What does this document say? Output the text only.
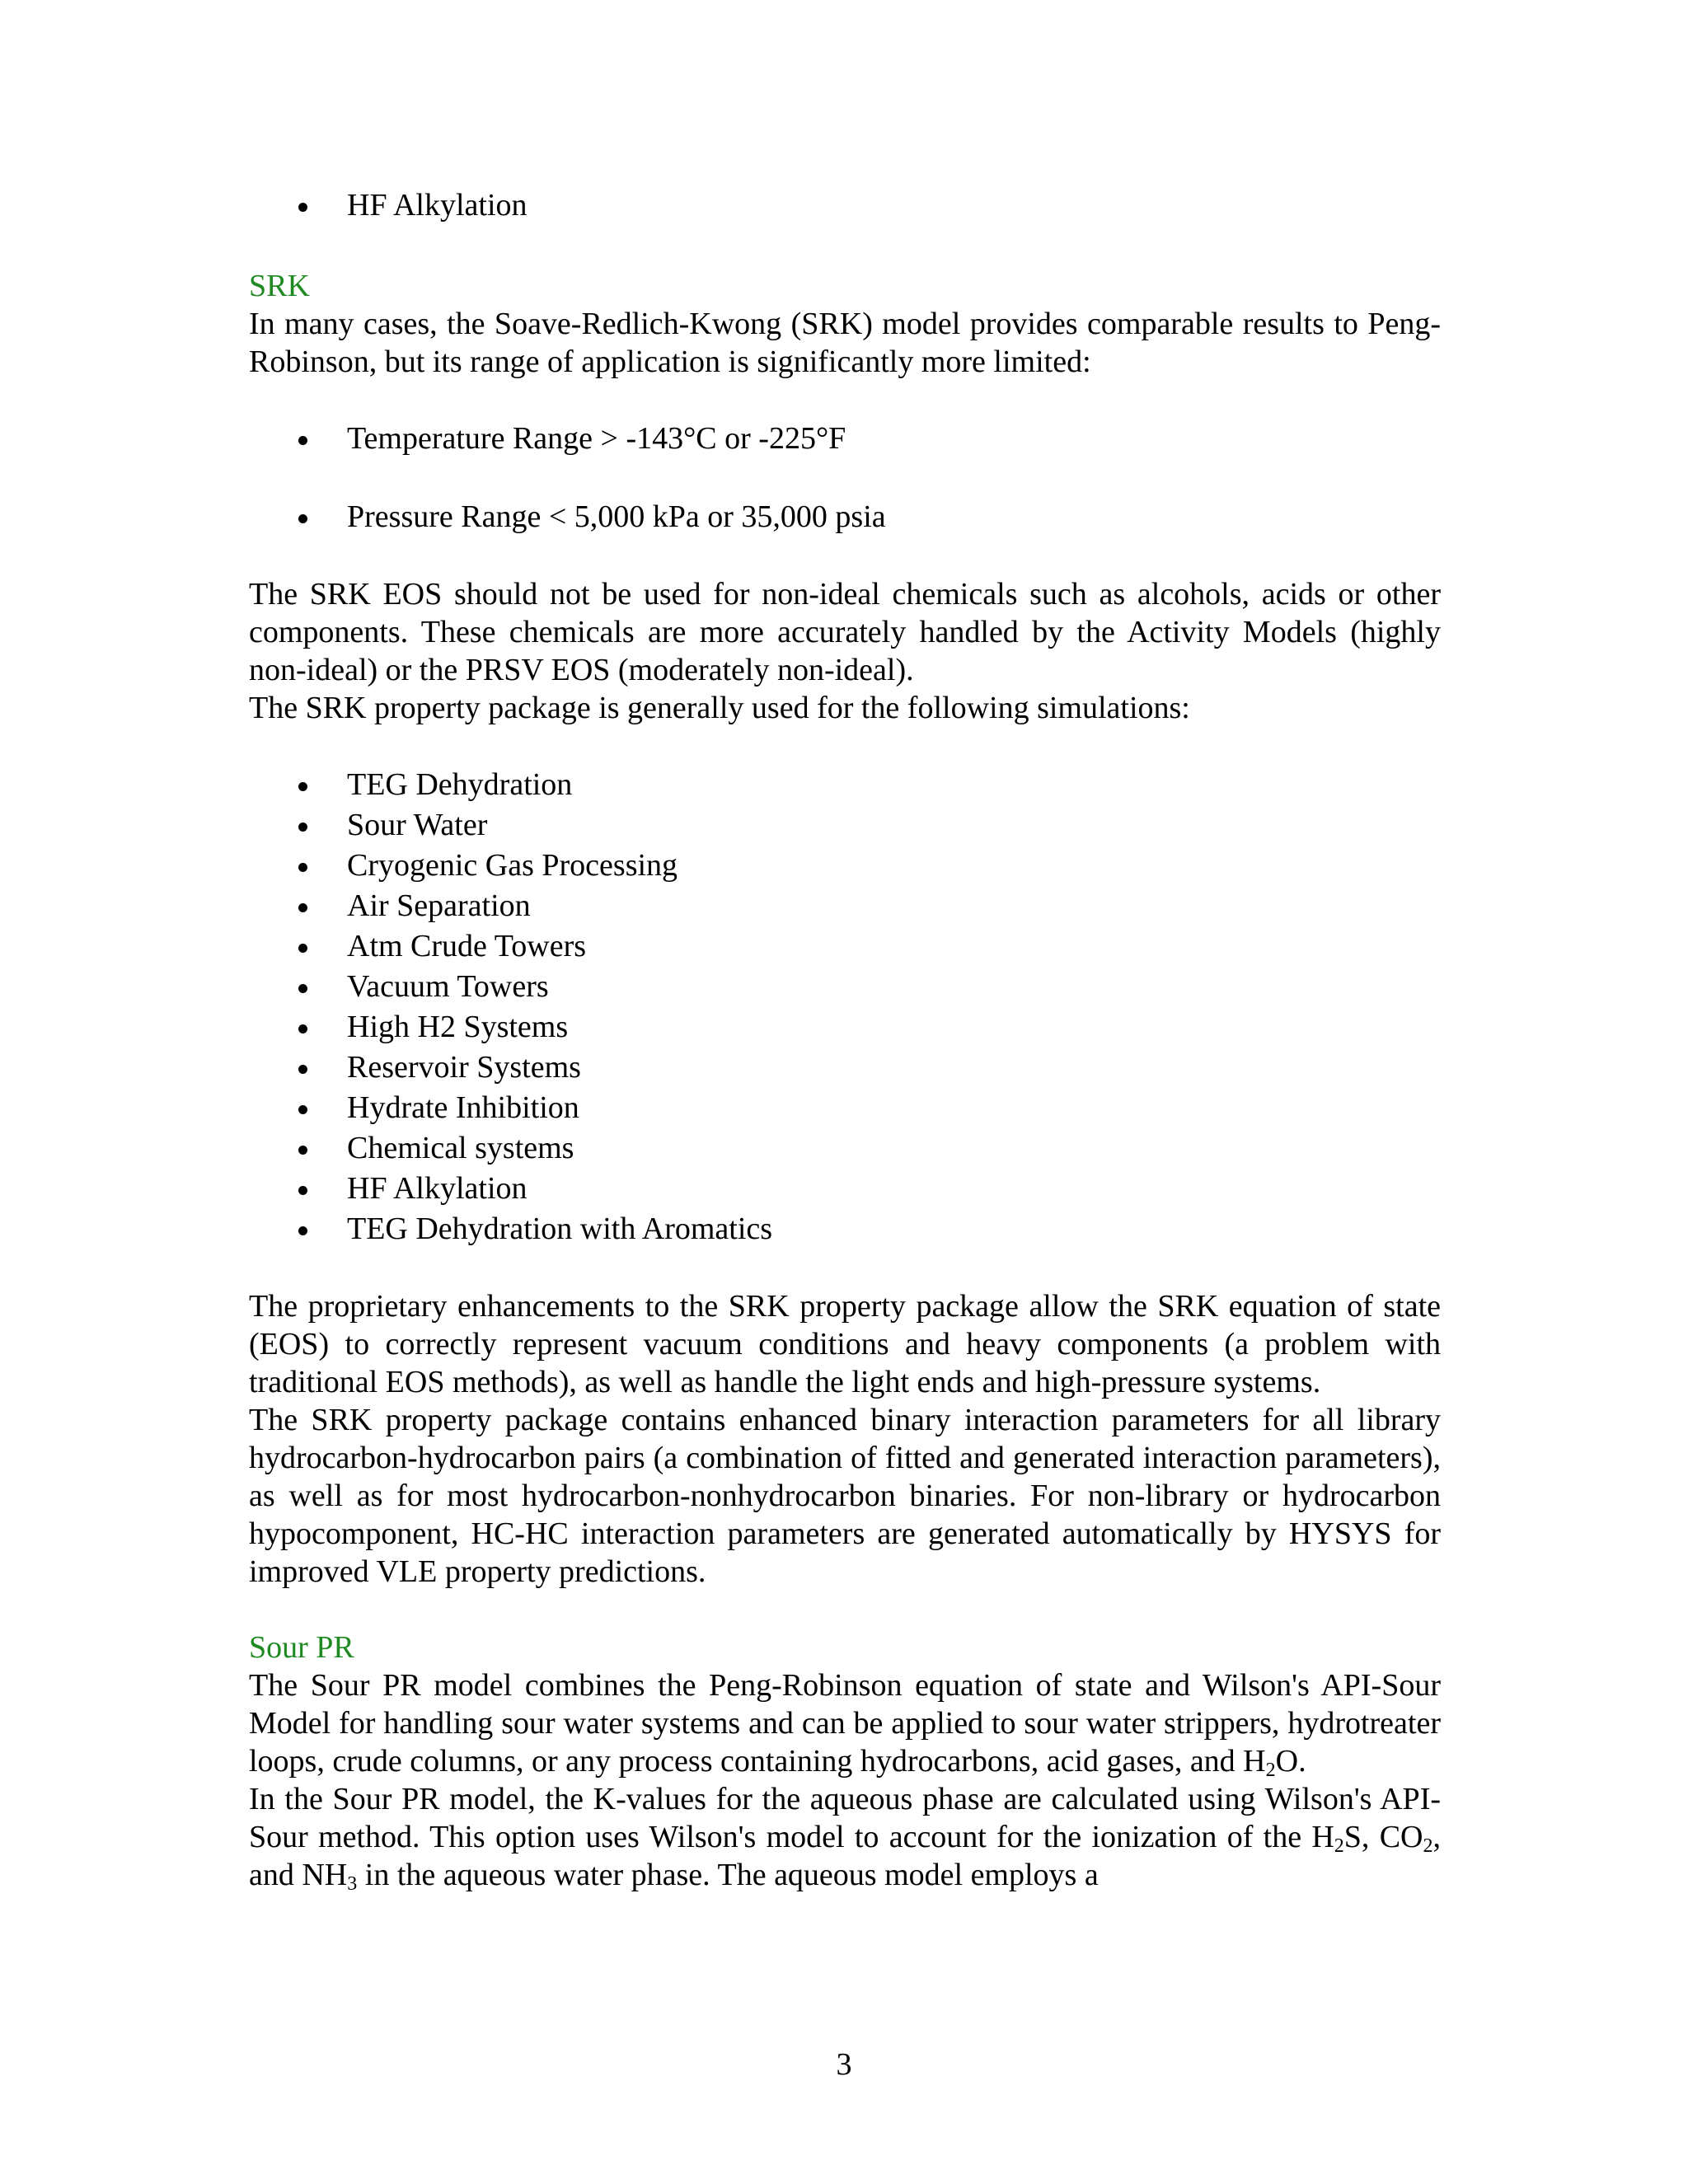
HF Alkylation
SRK

In many cases, the Soave-Redlich-Kwong (SRK) model provides comparable results to Peng-Robinson, but its range of application is significantly more limited:

Temperature Range > -143°C or -225°F
Pressure Range < 5,000 kPa or 35,000 psia

The SRK EOS should not be used for non-ideal chemicals such as alcohols, acids or other components. These chemicals are more accurately handled by the Activity Models (highly non-ideal) or the PRSV EOS (moderately non-ideal).

The SRK property package is generally used for the following simulations:

TEG Dehydration
Sour Water
Cryogenic Gas Processing
Air Separation
Atm Crude Towers
Vacuum Towers
High H2 Systems
Reservoir Systems
Hydrate Inhibition
Chemical systems
HF Alkylation
TEG Dehydration with Aromatics

The proprietary enhancements to the SRK property package allow the SRK equation of state (EOS) to correctly represent vacuum conditions and heavy components (a problem with traditional EOS methods), as well as handle the light ends and high-pressure systems.

The SRK property package contains enhanced binary interaction parameters for all library hydrocarbon-hydrocarbon pairs (a combination of fitted and generated interaction parameters), as well as for most hydrocarbon-nonhydrocarbon binaries. For non-library or hydrocarbon hypocomponent, HC-HC interaction parameters are generated automatically by HYSYS for improved VLE property predictions.

Sour PR

The Sour PR model combines the Peng-Robinson equation of state and Wilson's API-Sour Model for handling sour water systems and can be applied to sour water strippers, hydrotreater loops, crude columns, or any process containing hydrocarbons, acid gases, and $H_2O$.

In the Sour PR model, the K-values for the aqueous phase are calculated using Wilson's API-Sour method. This option uses Wilson's model to account for the ionization of the $H_2S$, $CO_2$, and $NH_3$ in the aqueous water phase. The aqueous model employs a

3
